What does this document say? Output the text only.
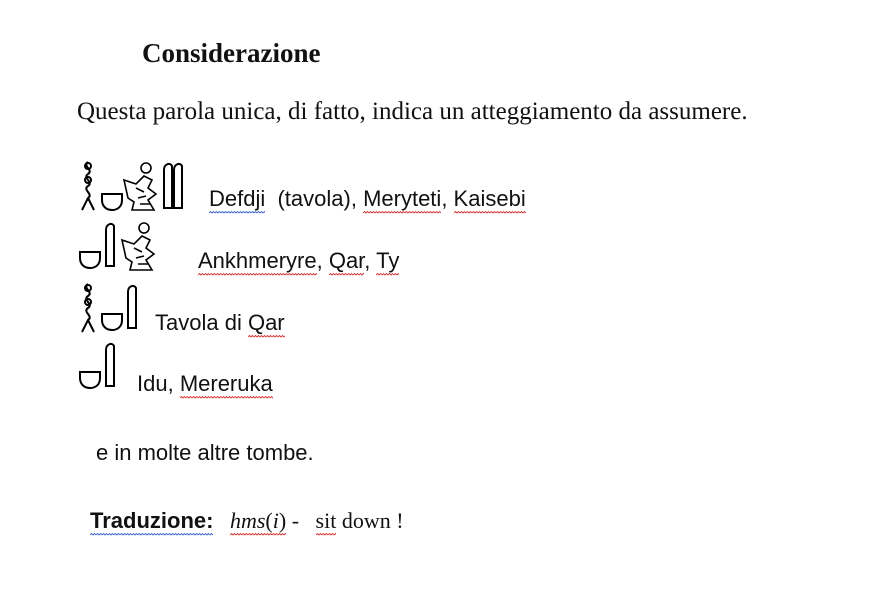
Considerazione
Questa parola unica, di fatto, indica un atteggiamento da assumere.
Defdji  (tavola), Meryteti, Kaisebi
Ankhmeryre, Qar, Ty
Tavola di Qar
Idu, Mereruka
e in molte altre tombe.
Traduzione: hms(i) -   sit down !
